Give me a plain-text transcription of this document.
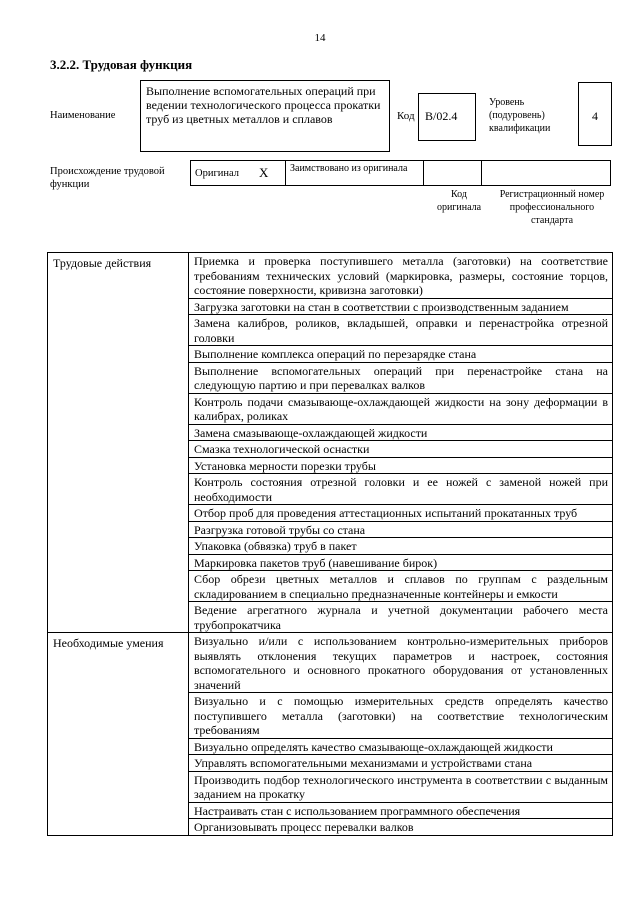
14
3.2.2. Трудовая функция
Наименование
Выполнение вспомогательных операций при ведении технологического процесса прокатки труб из цветных металлов и сплавов	Код B/02.4
Уровень (подуровень) квалификации
4
Происхождение трудовой функции
Оригинал X	Заимствовано из оригинала
Код оригинала
Регистрационный номер профессионального стандарта
Трудовые действия	Приемка и проверка поступившего металла (заготовки) на соответствие требованиям технических условий (маркировка, размеры, состояние торцов, состояние поверхности, кривизна заготовки)
	Загрузка заготовки на стан в соответствии с производственным заданием
	Замена калибров, роликов, вкладышей, оправки и перенастройка отрезной головки
	Выполнение комплекса операций по перезарядке стана
	Выполнение вспомогательных операций при перенастройке стана на следующую партию и при перевалках валков
	Контроль подачи смазывающе-охлаждающей жидкости на зону деформации в калибрах, роликах
	Замена смазывающе-охлаждающей жидкости
	Смазка технологической оснастки
	Установка мерности порезки трубы
	Контроль состояния отрезной головки и ее ножей с заменой ножей при необходимости
	Отбор проб для проведения аттестационных испытаний прокатанных труб
	Разгрузка готовой трубы со стана
	Упаковка (обвязка) труб в пакет
	Маркировка пакетов труб (навешивание бирок)
	Сбор обрези цветных металлов и сплавов по группам с раздельным складированием в специально предназначенные контейнеры и емкости
	Ведение агрегатного журнала и учетной документации рабочего места трубопрокатчика
Необходимые умения	Визуально и/или с использованием контрольно-измерительных приборов выявлять отклонения текущих параметров и настроек, состояния вспомогательного и основного прокатного оборудования от установленных значений
	Визуально и с помощью измерительных средств определять качество поступившего металла (заготовки) на соответствие технологическим требованиям
	Визуально определять качество смазывающе-охлаждающей жидкости
	Управлять вспомогательными механизмами и устройствами стана
	Производить подбор технологического инструмента в соответствии с выданным заданием на прокатку
	Настраивать стан с использованием программного обеспечения
	Организовывать процесс перевалки валков
